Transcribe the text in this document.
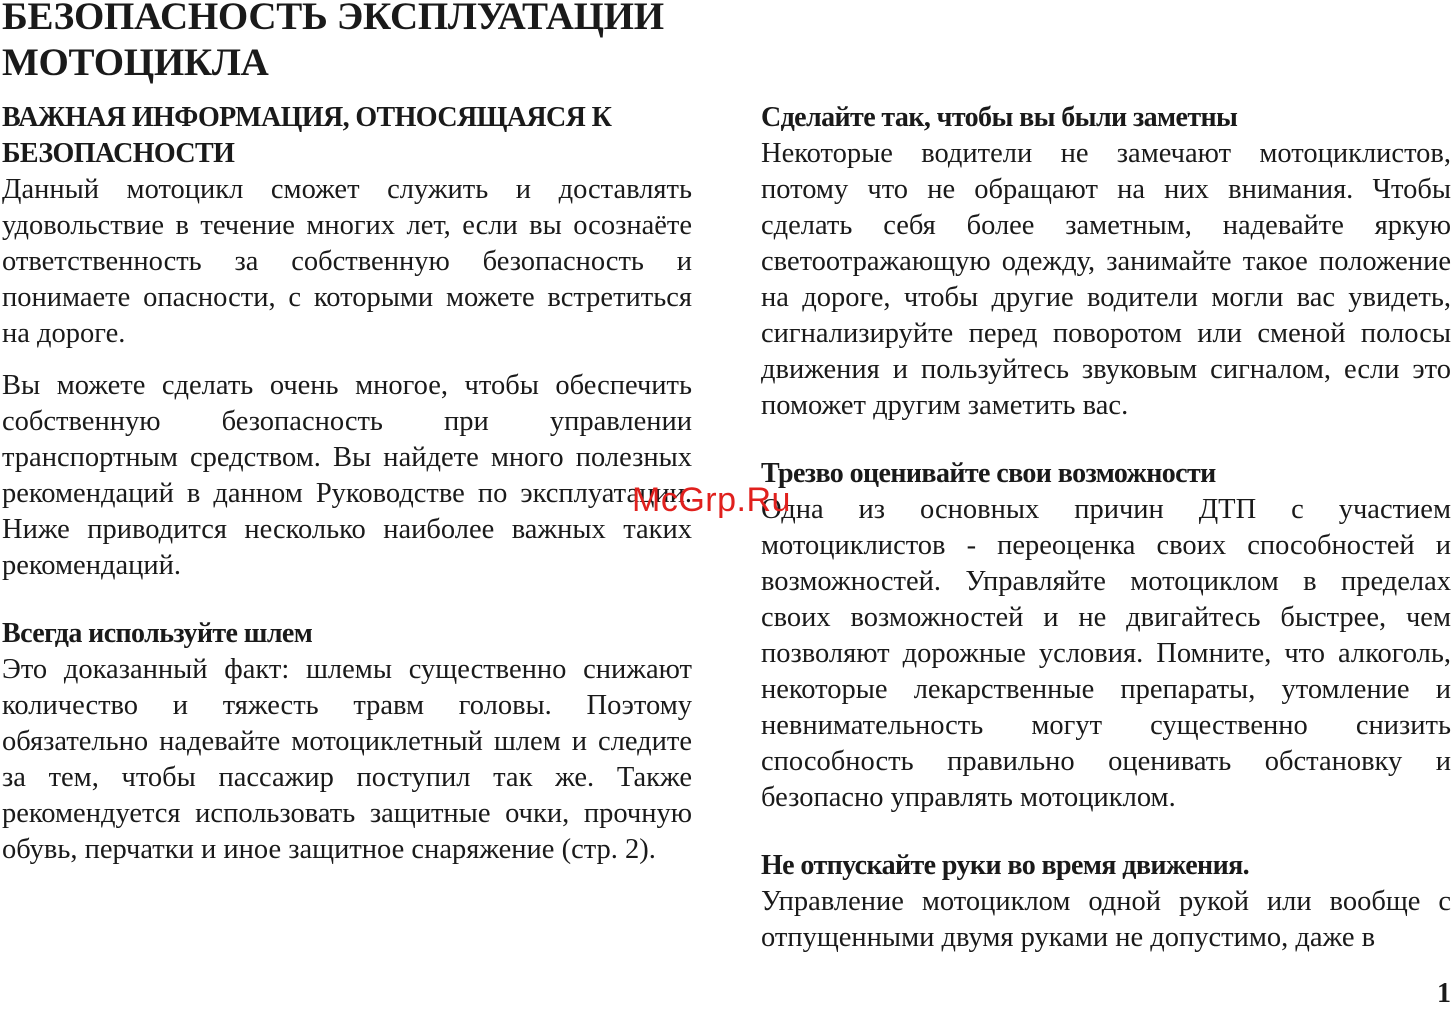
БЕЗОПАСНОСТЬ ЭКСПЛУАТАЦИИ МОТОЦИКЛА
ВАЖНАЯ ИНФОРМАЦИЯ, ОТНОСЯЩАЯСЯ К БЕЗОПАСНОСТИ

Данный мотоцикл сможет служить и доставлять удовольствие в течение многих лет, если вы осознаёте ответственность за собственную безопасность и понимаете опасности, с которыми можете встретиться на дороге.

Вы можете сделать очень многое, чтобы обеспечить собственную безопасность при управлении транспортным средством. Вы найдете много полезных рекомендаций в данном Руководстве по эксплуатации. Ниже приводится несколько наиболее важных таких рекомендаций.

Всегда используйте шлем

Это доказанный факт: шлемы существенно снижают количество и тяжесть травм головы. Поэтому обязательно надевайте мотоциклетный шлем и следите за тем, чтобы пассажир поступил так же. Также рекомендуется использовать защитные очки, прочную обувь, перчатки и иное защитное снаряжение (стр. 2).

Сделайте так, чтобы вы были заметны

Некоторые водители не замечают мотоциклистов, потому что не обращают на них внимания. Чтобы сделать себя более заметным, надевайте яркую светоотражающую одежду, занимайте такое положение на дороге, чтобы другие водители могли вас увидеть, сигнализируйте перед поворотом или сменой полосы движения и пользуйтесь звуковым сигналом, если это поможет другим заметить вас.

Трезво оценивайте свои возможности

Одна из основных причин ДТП с участием мотоциклистов - переоценка своих способностей и возможностей. Управляйте мотоциклом в пределах своих возможностей и не двигайтесь быстрее, чем позволяют дорожные условия. Помните, что алкоголь, некоторые лекарственные препараты, утомление и невнимательность могут существенно снизить способность правильно оценивать обстановку и безопасно управлять мотоциклом.

Не отпускайте руки во время движения.

Управление мотоциклом одной рукой или вообще с отпущенными двумя руками не допустимо, даже в

McGrp.Ru
1
